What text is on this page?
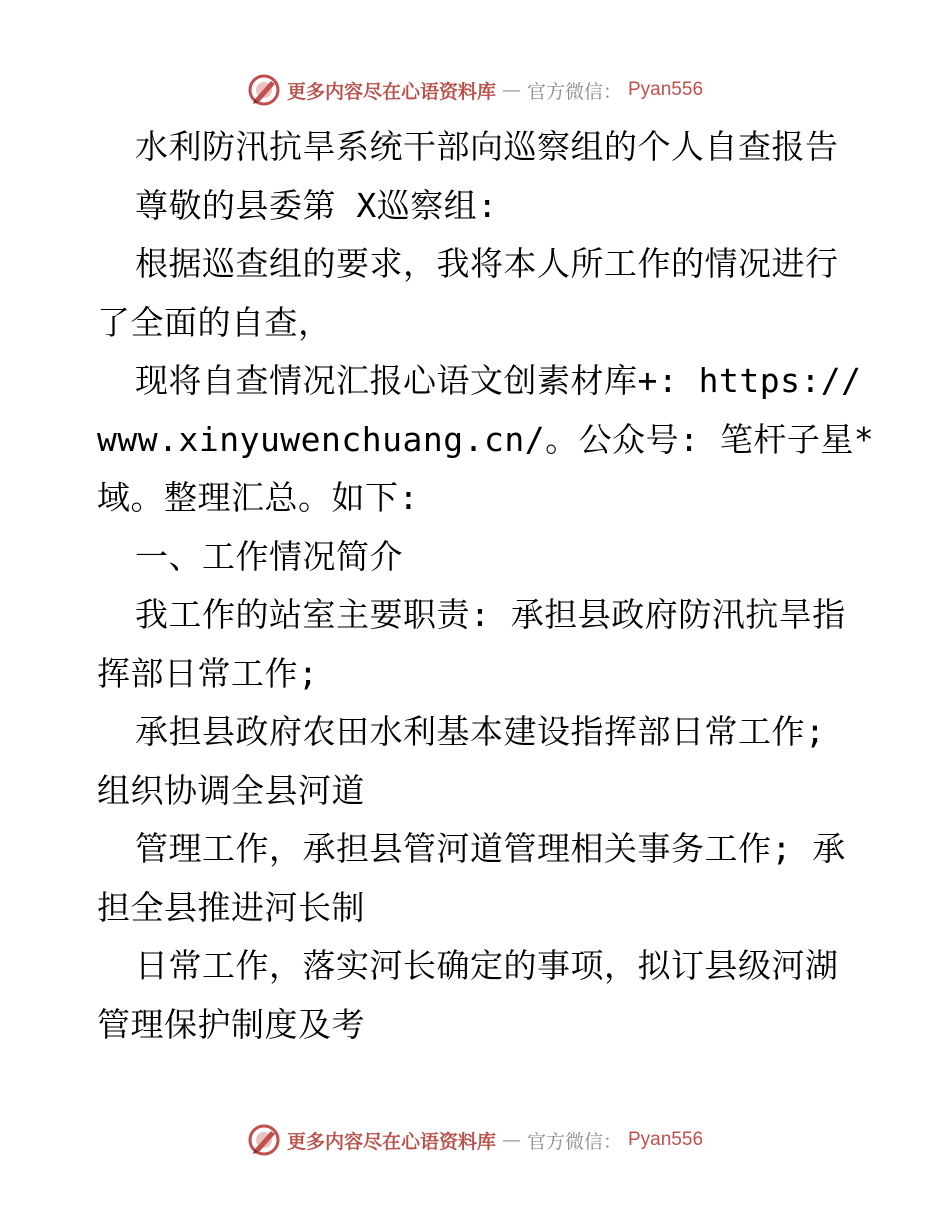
更多内容尽在心语资料库 — 官方微信： Pyan556
水利防汛抗旱系统干部向巡察组的个人自查报告
尊敬的县委第 X巡察组:
根据巡查组的要求，我将本人所工作的情况进行
了全面的自查，
现将自查情况汇报心语文创素材库+: https://
www.xinyuwenchuang.cn/。公众号: 笔杆子星*
域。整理汇总。如下:
一、工作情况简介
我工作的站室主要职责: 承担县政府防汛抗旱指
挥部日常工作;
承担县政府农田水利基本建设指挥部日常工作;
组织协调全县河道
管理工作，承担县管河道管理相关事务工作; 承
担全县推进河长制
日常工作，落实河长确定的事项，拟订县级河湖
管理保护制度及考
更多内容尽在心语资料库 — 官方微信： Pyan556
